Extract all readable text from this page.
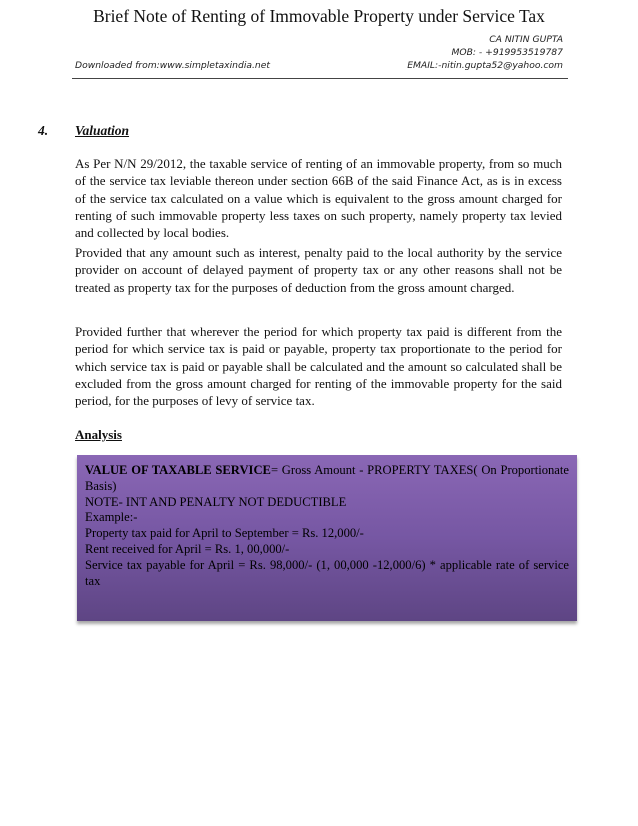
Brief Note of Renting of Immovable Property under Service Tax
CA NITIN GUPTA
MOB: - +919953519787
EMAIL:-nitin.gupta52@yahoo.com
Downloaded from:www.simpletaxindia.net
4. Valuation

As Per N/N 29/2012, the taxable service of renting of an immovable property, from so much of the service tax leviable thereon under section 66B of the said Finance Act, as is in excess of the service tax calculated on a value which is equivalent to the gross amount charged for renting of such immovable property less taxes on such property, namely property tax levied and collected by local bodies.

Provided that any amount such as interest, penalty paid to the local authority by the service provider on account of delayed payment of property tax or any other reasons shall not be treated as property tax for the purposes of deduction from the gross amount charged.

Provided further that wherever the period for which property tax paid is different from the period for which service tax is paid or payable, property tax proportionate to the period for which service tax is paid or payable shall be calculated and the amount so calculated shall be excluded from the gross amount charged for renting of the immovable property for the said period, for the purposes of levy of service tax.

Analysis
VALUE OF TAXABLE SERVICE= Gross Amount - PROPERTY TAXES( On Proportionate Basis)
NOTE- INT AND PENALTY NOT DEDUCTIBLE
Example:-
Property tax paid for April to September = Rs. 12,000/-
Rent received for April = Rs. 1, 00,000/-
Service tax payable for April = Rs. 98,000/- (1, 00,000 -12,000/6) * applicable rate of service tax
